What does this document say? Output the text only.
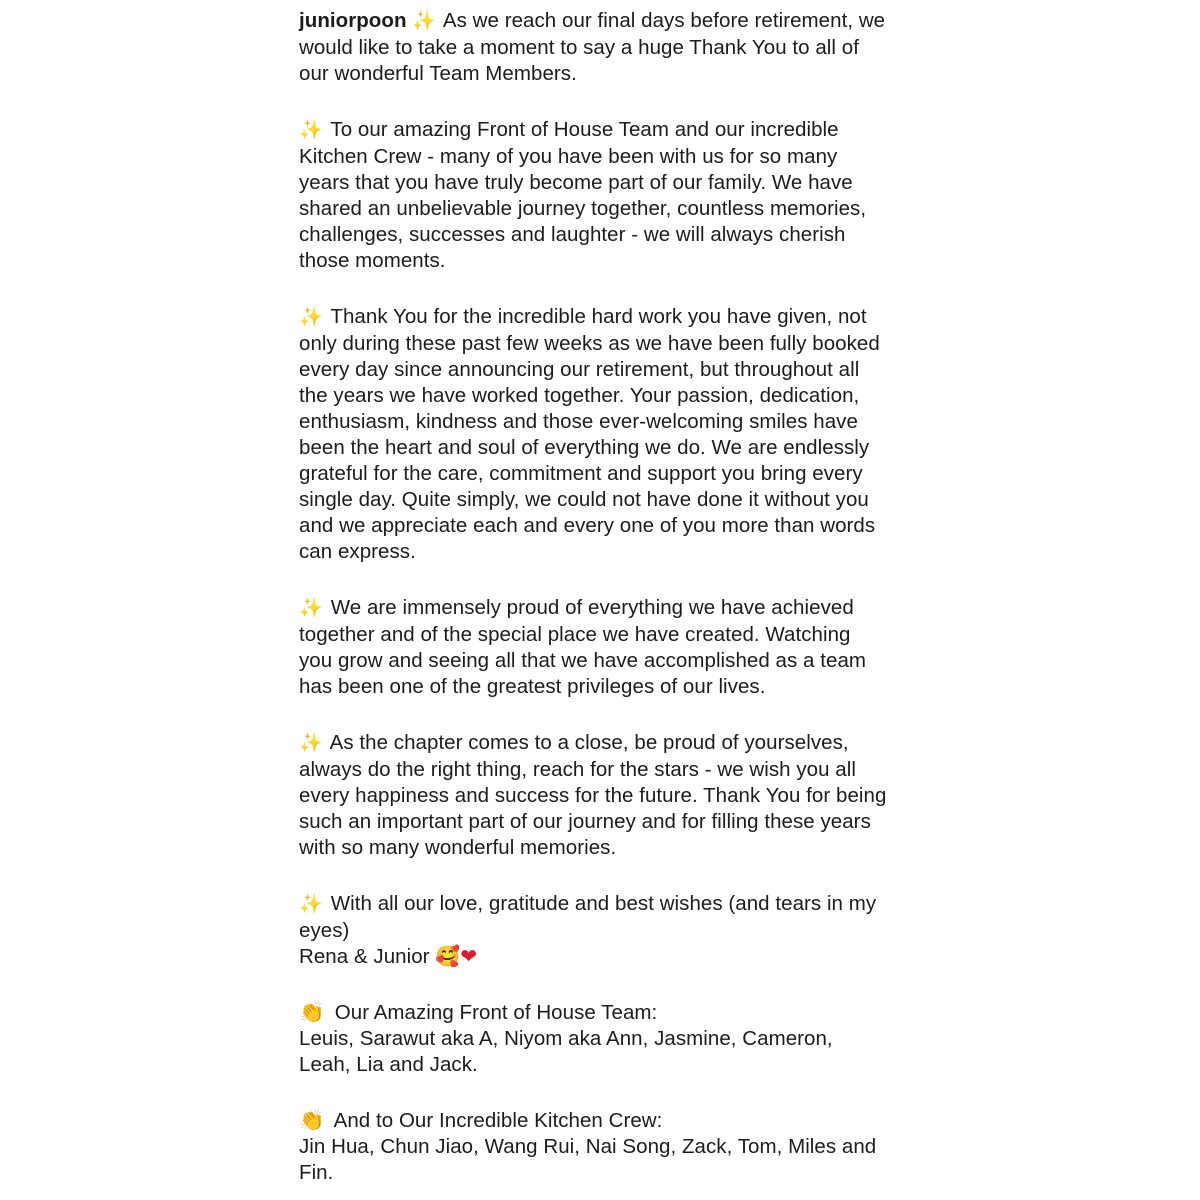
juniorpoon ✨ As we reach our final days before retirement, we would like to take a moment to say a huge Thank You to all of our wonderful Team Members.

✨ To our amazing Front of House Team and our incredible Kitchen Crew - many of you have been with us for so many years that you have truly become part of our family. We have shared an unbelievable journey together, countless memories, challenges, successes and laughter - we will always cherish those moments.

✨ Thank You for the incredible hard work you have given, not only during these past few weeks as we have been fully booked every day since announcing our retirement, but throughout all the years we have worked together. Your passion, dedication, enthusiasm, kindness and those ever-welcoming smiles have been the heart and soul of everything we do. We are endlessly grateful for the care, commitment and support you bring every single day. Quite simply, we could not have done it without you and we appreciate each and every one of you more than words can express.

✨ We are immensely proud of everything we have achieved together and of the special place we have created. Watching you grow and seeing all that we have accomplished as a team has been one of the greatest privileges of our lives.

✨ As the chapter comes to a close, be proud of yourselves, always do the right thing, reach for the stars - we wish you all every happiness and success for the future. Thank You for being such an important part of our journey and for filling these years with so many wonderful memories.

✨ With all our love, gratitude and best wishes (and tears in my eyes)

Rena & Junior 🥰❤

👏 Our Amazing Front of House Team:

Leuis, Sarawut aka A, Niyom aka Ann, Jasmine, Cameron, Leah, Lia and Jack.

👏 And to Our Incredible Kitchen Crew:

Jin Hua, Chun Jiao, Wang Rui, Nai Song, Zack, Tom, Miles and Fin.
